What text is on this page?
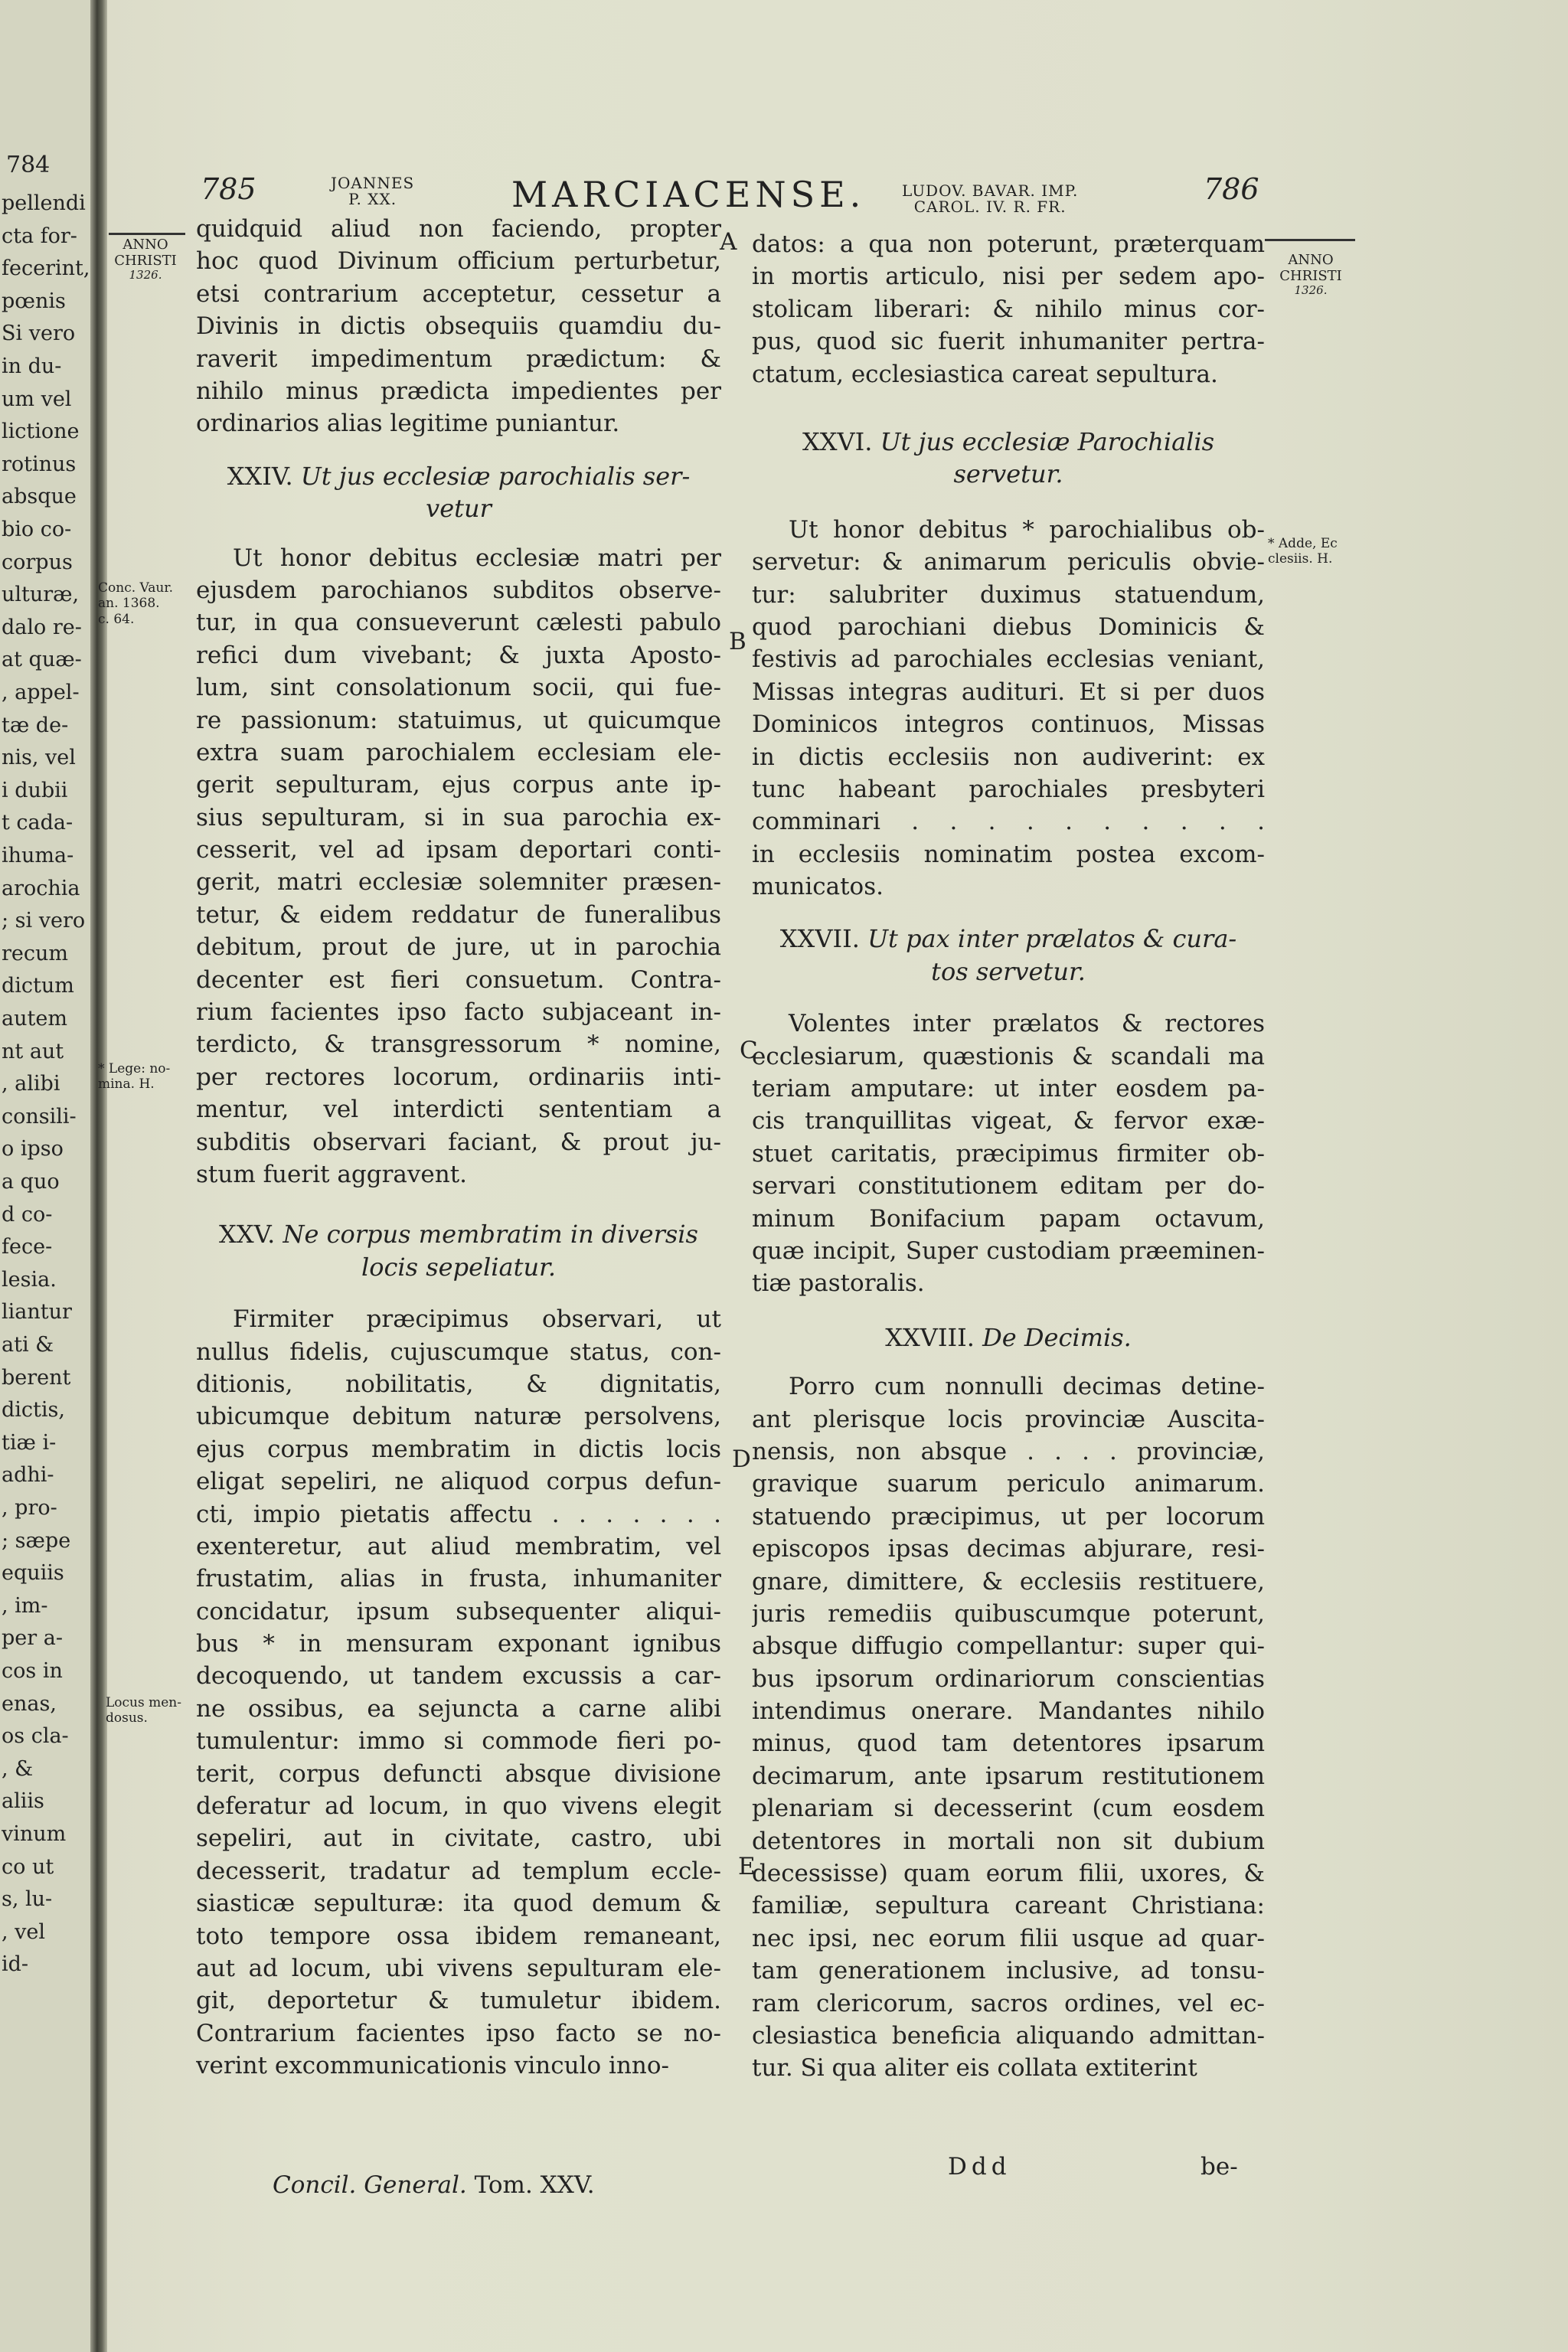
784
pellendi
cta for-
fecerint,
pœnis
Si vero
in du-
um vel
lictione
rotinus
absque
bio co-
corpus
ulturæ,
dalo re-
at quæ-
, appel-
tæ de-
nis, vel
i dubii
t cada-
ihuma-
arochia
; si vero
recum
dictum
autem
nt aut
, alibi
consili-
o ipso
a quo
d co-
fece-
lesia.
liantur
ati &
berent
dictis,
tiæ i-
adhi-
, pro-
; sæpe
equiis
, im-
per a-
cos in
enas,
os cla-
, &
aliis
vinum
co ut
s, lu-
, vel
id-
785	JOANNES
P. XX.	MARCIACENSE. LUDOV. BAVAR. IMP.
CAROL. IV. R. FR.
786
ANNO
CHRISTI
1326.
ANNO
CHRISTI
1326.
Conc. Vaur.
an. 1368.
c. 64.
* Lege: no-
mina. H.
Locus men-
dosus.
* Adde, Ec
clesiis. H.
A
B
C
D
E
quidquid aliud non faciendo, propter
hoc quod Divinum officium perturbetur,
etsi contrarium acceptetur, cessetur a
Divinis in dictis obsequiis quamdiu du-
raverit impedimentum prædictum: &
nihilo minus prædicta impedientes per
ordinarios alias legitime puniantur.
XXIV. Ut jus ecclesiæ parochialis ser-
vetur
Ut honor debitus ecclesiæ matri per
ejusdem parochianos subditos observe-
tur, in qua consueverunt cælesti pabulo
refici dum vivebant; & juxta Aposto-
lum, sint consolationum socii, qui fue-
re passionum: statuimus, ut quicumque
extra suam parochialem ecclesiam ele-
gerit sepulturam, ejus corpus ante ip-
sius sepulturam, si in sua parochia ex-
cesserit, vel ad ipsam deportari conti-
gerit, matri ecclesiæ solemniter præsen-
tetur, & eidem reddatur de funeralibus
debitum, prout de jure, ut in parochia
decenter est fieri consuetum. Contra-
rium facientes ipso facto subjaceant in-
terdicto, & transgressorum * nomine,
per rectores locorum, ordinariis inti-
mentur, vel interdicti sententiam a
subditis observari faciant, & prout ju-
stum fuerit aggravent.
XXV. Ne corpus membratim in diversis
locis sepeliatur.
Firmiter præcipimus observari, ut
nullus fidelis, cujuscumque status, con-
ditionis, nobilitatis, & dignitatis,
ubicumque debitum naturæ persolvens,
ejus corpus membratim in dictis locis
eligat sepeliri, ne aliquod corpus defun-
cti, impio pietatis affectu . . . . . . .
exenteretur, aut aliud membratim, vel
frustatim, alias in frusta, inhumaniter
concidatur, ipsum subsequenter aliqui-
bus * in mensuram exponant ignibus
decoquendo, ut tandem excussis a car-
ne ossibus, ea sejuncta a carne alibi
tumulentur: immo si commode fieri po-
terit, corpus defuncti absque divisione
deferatur ad locum, in quo vivens elegit
sepeliri, aut in civitate, castro, ubi
decesserit, tradatur ad templum eccle-
siasticæ sepulturæ: ita quod demum &
toto tempore ossa ibidem remaneant,
aut ad locum, ubi vivens sepulturam ele-
git, deportetur & tumuletur ibidem.
Contrarium facientes ipso facto se no-
verint excommunicationis vinculo inno-
datos: a qua non poterunt, præterquam
in mortis articulo, nisi per sedem apo-
stolicam liberari: & nihilo minus cor-
pus, quod sic fuerit inhumaniter pertra-
ctatum, ecclesiastica careat sepultura.
XXVI. Ut jus ecclesiæ Parochialis
servetur.
Ut honor debitus * parochialibus ob-
servetur: & animarum periculis obvie-
tur: salubriter duximus statuendum,
quod parochiani diebus Dominicis &
festivis ad parochiales ecclesias veniant,
Missas integras audituri. Et si per duos
Dominicos integros continuos, Missas
in dictis ecclesiis non audiverint: ex
tunc habeant parochiales presbyteri
comminari . . . . . . . . . .
in ecclesiis nominatim postea excom-
municatos.
XXVII. Ut pax inter prælatos & cura-
tos servetur.
Volentes inter prælatos & rectores
ecclesiarum, quæstionis & scandali ma
teriam amputare: ut inter eosdem pa-
cis tranquillitas vigeat, & fervor exæ-
stuet caritatis, præcipimus firmiter ob-
servari constitutionem editam per do-
minum Bonifacium papam octavum,
quæ incipit, Super custodiam præeminen-
tiæ pastoralis.
XXVIII. De Decimis.
Porro cum nonnulli decimas detine-
ant plerisque locis provinciæ Auscita-
nensis, non absque . . . . provinciæ,
gravique suarum periculo animarum.
statuendo præcipimus, ut per locorum
episcopos ipsas decimas abjurare, resi-
gnare, dimittere, & ecclesiis restituere,
juris remediis quibuscumque poterunt,
absque diffugio compellantur: super qui-
bus ipsorum ordinariorum conscientias
intendimus onerare. Mandantes nihilo
minus, quod tam detentores ipsarum
decimarum, ante ipsarum restitutionem
plenariam si decesserint (cum eosdem
detentores in mortali non sit dubium
decessisse) quam eorum filii, uxores, &
familiæ, sepultura careant Christiana:
nec ipsi, nec eorum filii usque ad quar-
tam generationem inclusive, ad tonsu-
ram clericorum, sacros ordines, vel ec-
clesiastica beneficia aliquando admittan-
tur. Si qua aliter eis collata extiterint
Concil. General. Tom. XXV.
Ddd	be-
